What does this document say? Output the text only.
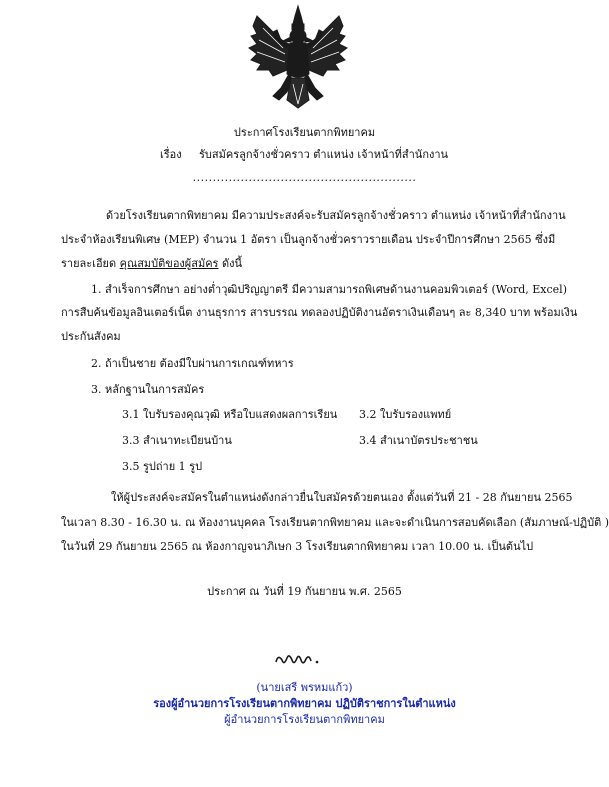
ประกาศโรงเรียนตากพิทยาคม
เรื่อง รับสมัครลูกจ้างชั่วคราว ตำแหน่ง เจ้าหน้าที่สำนักงาน
........................................................
ด้วยโรงเรียนตากพิทยาคม มีความประสงค์จะรับสมัครลูกจ้างชั่วคราว ตำแหน่ง เจ้าหน้าที่สำนักงาน
ประจำห้องเรียนพิเศษ (MEP) จำนวน 1 อัตรา เป็นลูกจ้างชั่วคราวรายเดือน ประจำปีการศึกษา 2565 ซึ่งมี
รายละเอียด คุณสมบัติของผู้สมัคร ดังนี้
1. สำเร็จการศึกษา อย่างต่ำวุฒิปริญญาตรี มีความสามารถพิเศษด้านงานคอมพิวเตอร์ (Word, Excel)
การสืบค้นข้อมูลอินเตอร์เน็ต งานธุรการ สารบรรณ ทดลองปฏิบัติงานอัตราเงินเดือนๆ ละ 8,340 บาท พร้อมเงิน
ประกันสังคม
2. ถ้าเป็นชาย ต้องมีใบผ่านการเกณฑ์ทหาร
3. หลักฐานในการสมัคร
3.1 ใบรับรองคุณวุฒิ หรือใบแสดงผลการเรียน 3.2 ใบรับรองแพทย์
3.3 สำเนาทะเบียนบ้าน	3.4 สำเนาบัตรประชาชน
3.5 รูปถ่าย 1 รูป
ให้ผู้ประสงค์จะสมัครในตำแหน่งดังกล่าวยื่นใบสมัครด้วยตนเอง ตั้งแต่วันที่ 21 - 28 กันยายน 2565
ในเวลา 8.30 - 16.30 น. ณ ห้องงานบุคคล โรงเรียนตากพิทยาคม และจะดำเนินการสอบคัดเลือก (สัมภาษณ์-ปฏิบัติ )
ในวันที่ 29 กันยายน 2565 ณ ห้องกาญจนาภิเษก 3 โรงเรียนตากพิทยาคม เวลา 10.00 น. เป็นต้นไป
ประกาศ ณ วันที่ 19 กันยายน พ.ศ. 2565
(นายเสรี พรหมแก้ว)
รองผู้อำนวยการโรงเรียนตากพิทยาคม ปฏิบัติราชการในตำแหน่ง
ผู้อำนวยการโรงเรียนตากพิทยาคม
